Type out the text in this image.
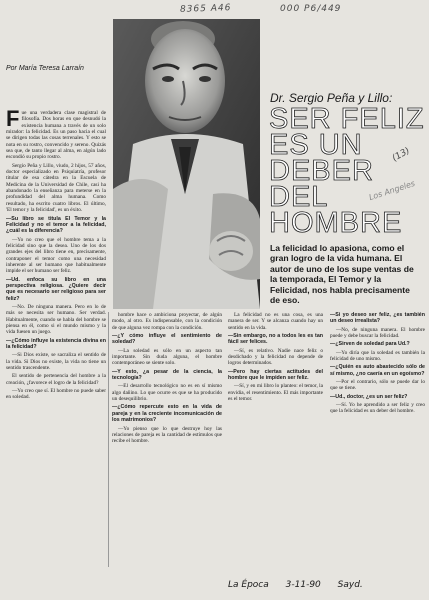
8365 A46	000 P6/449
(13)
Los Angeles
Por María Teresa Larraín
Dr. Sergio Peña y Lillo:
SER FELIZ
ES UN
DEBER
DEL
HOMBRE
La felicidad lo apasiona, como el gran logro de la vida humana. El autor de uno de los supe ventas de la temporada, El Temor y la Felicidad, nos habla precisamente de eso.

Fue una verdadera clase magistral de filosofía. Dos horas en que desnudó la existencia humana a través de un solo mirador: la felicidad. Es un paso hacia el cual se dirigen todas las cosas terrenales. Y esto se nota en su rostro, convencido y sereno. Quizás sea que, de tanto llegar al alma, en algún lado escondió su propio rostro.

Sergio Peña y Lillo, viudo, 2 hijos, 57 años, doctor especializado en Psiquiatría, profesor titular de esa cátedra en la Escuela de Medicina de la Universidad de Chile, casi ha abandonado la enseñanza para meterse en la profundidad del alma humana. Como resultado, ha escrito cuatro libros. El último, 'El temor y la felicidad', es un éxito.

—Su libro se titula El Temor y la Felicidad y no el temor a la felicidad, ¿cuál es la diferencia?

—Yo no creo que el hombre tema a la felicidad sino que la desea. Uno de los dos grandes ejes del libro tiene en, precisamente, contraponer el temor como una necesidad inherente al ser humano que habitualmente impide el ser humano ser feliz.

—Ud. enfoca su libro en una perspectiva religiosa. ¿Quiere decir que es necesario ser religioso para ser feliz?

—No. De ninguna manera. Pero en lo de más se necesita ser humano. Ser verdad. Habitualmente, cuando se habla del hombre se piensa en él, como si el mundo mismo y la vida fuesen un juego.

—¿Cómo influye la existencia divina en la felicidad?

—Si Dios existe, se sacraliza el sentido de la vida. Si Dios no existe, la vida no tiene un sentido trascendente.

El sentido de pertenencia del hombre a la creación, ¿favorece el logro de la felicidad?

—Yo creo que sí. El hombre no puede saber en soledad.

hombre hace o ambiciona proyectar, de algún modo, al otro. Es indispensable, con la condición de que alguna vez rompa con la condición.

—¿Y cómo influye el sentimiento de soledad?

—La soledad es sólo en un aspecto tan importante. Sin duda alguna, el hombre contemporáneo se siente solo.

—Y esto, ¿a pesar de la ciencia, la tecnología?

—El desarrollo tecnológico no es en sí mismo algo dañino. Lo que ocurre es que se ha producido un desequilibrio.

—¿Cómo repercute esto en la vida de pareja y en la creciente incomunicación de los matrimonios?

—Yo pienso que lo que destruye hoy las relaciones de pareja es la cantidad de estímulos que recibe el hombre.

La felicidad no es una cosa, es una manera de ser. Y se alcanza cuando hay un sentido en la vida.

—Sin embargo, no a todos les es tan fácil ser felices.

—Sí, es relativo. Nadie nace feliz o desdichado y la felicidad no depende de logros determinados.

—Pero hay ciertas actitudes del hombre que le impiden ser feliz.

—Sí, y en mi libro lo planteo: el temor, la envidia, el resentimiento. El más importante es el temor.

—Si yo deseo ser feliz, ¿es también un deseo irrealista?

—No, de ninguna manera. El hombre puede y debe buscar la felicidad.

—¿Sirven de soledad para Ud.?

—Yo diría que la soledad es también la felicidad de uno mismo.

—¿Quién es auto abastecido sólo de sí mismo, ¿no caería en un egoísmo?

—Por el contrario, sólo se puede dar lo que se tiene.

—Ud., doctor, ¿es un ser feliz?

—Sí. Yo he aprendido a ser feliz y creo que la felicidad es un deber del hombre.

La Época 3-11-90 Sayd.
